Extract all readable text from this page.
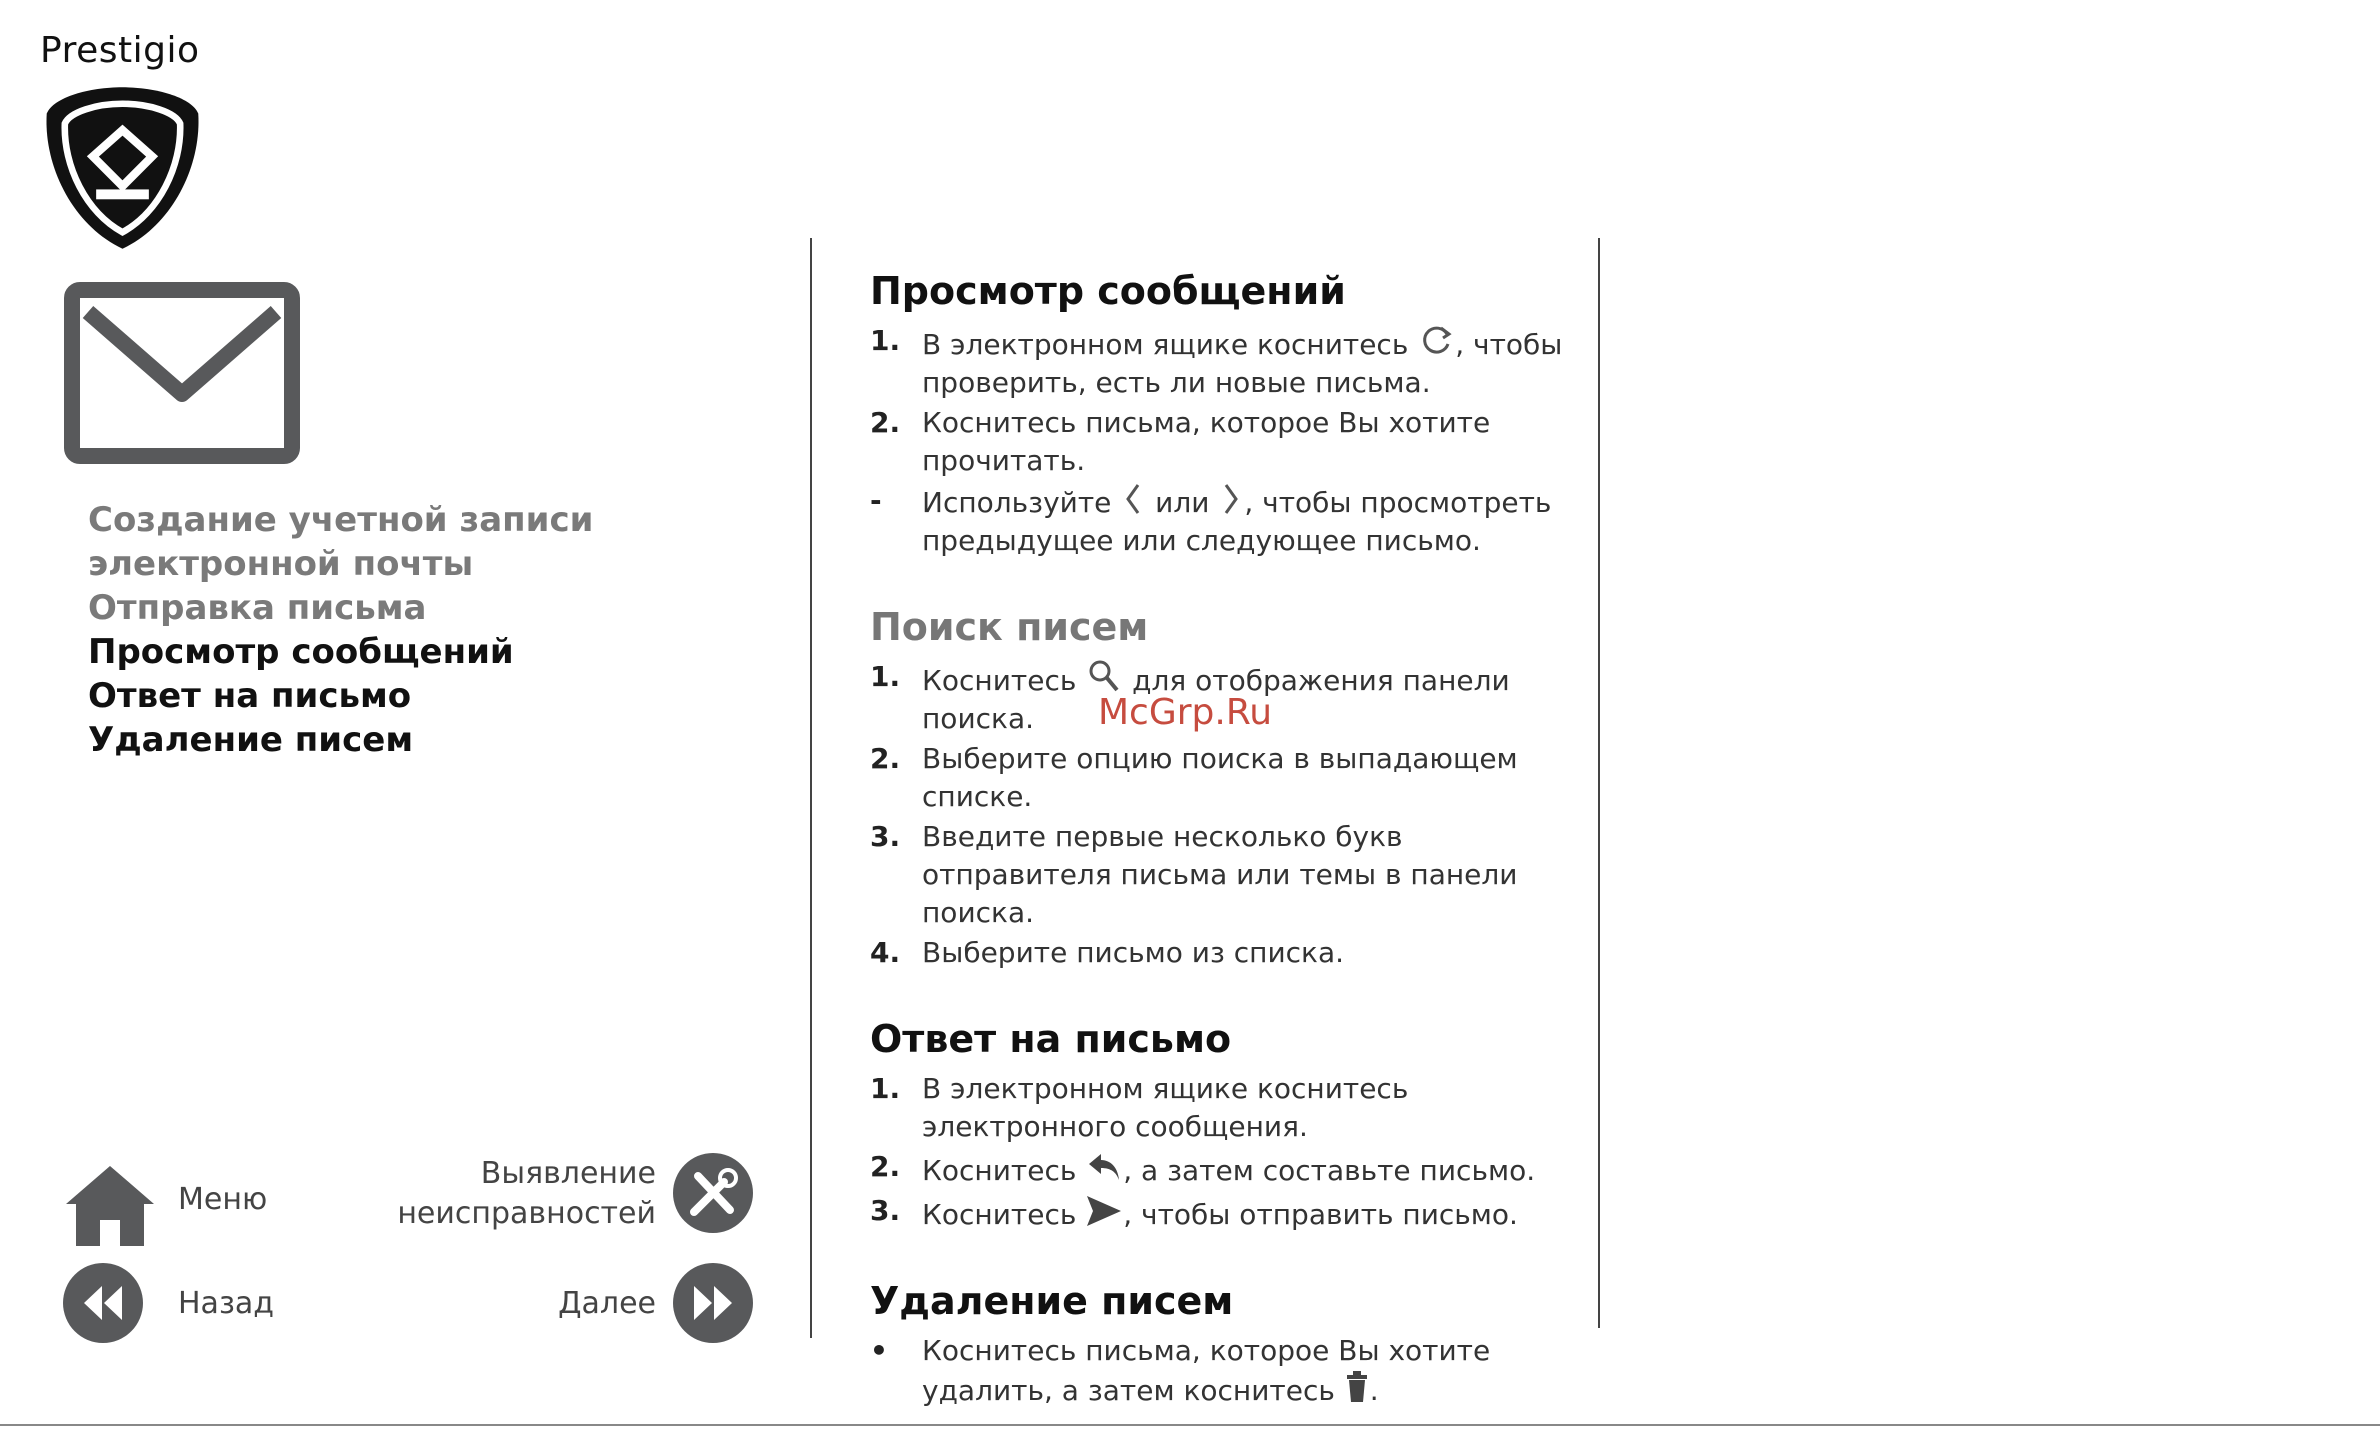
Prestigio
Создание учетной записи
электронной почты
Отправка письма
Просмотр сообщений
Ответ на письмо
Удаление писем
Меню
Назад
Выявление
неисправностей
Далее
Просмотр сообщений
1. В электронном ящике коснитесь , чтобы проверить, есть ли новые письма.
2. Коснитесь письма, которое Вы хотите прочитать.
-	Используйте  или , чтобы просмотреть предыдущее или следующее письмо.
Поиск писем
1. Коснитесь  для отображения панели поиска.
2. Выберите опцию поиска в выпадающем списке.
3. Введите первые несколько букв отправителя письма или темы в панели поиска.
4. Выберите письмо из списка.
Ответ на письмо
1. В электронном ящике коснитесь электронного сообщения.
2. Коснитесь , а затем составьте письмо.
3. Коснитесь , чтобы отправить письмо.
Удаление писем
•	Коснитесь письма, которое Вы хотите удалить, а затем коснитесь .
McGrp.Ru
